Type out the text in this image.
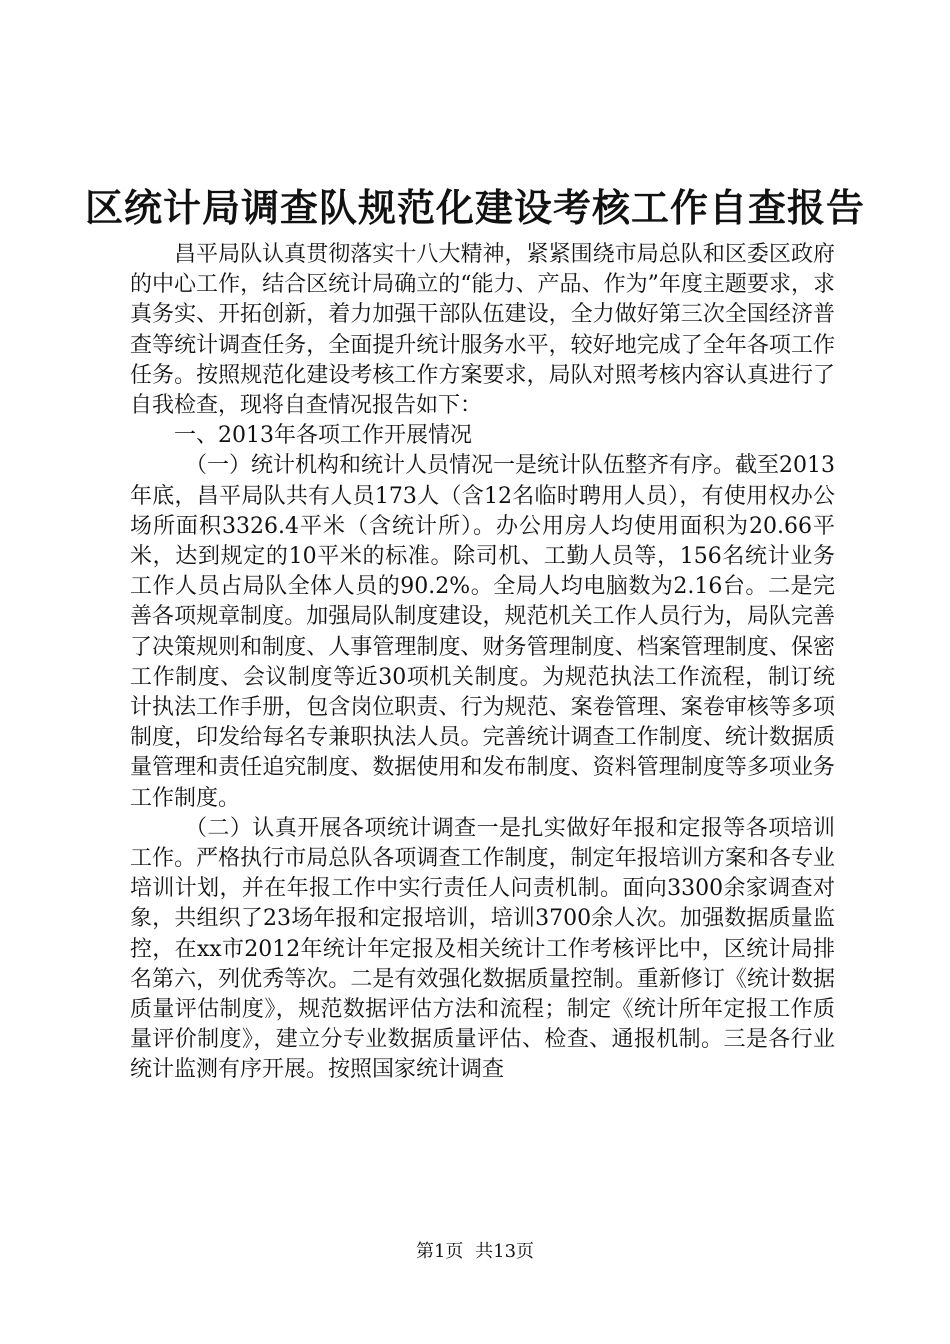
区统计局调查队规范化建设考核工作自查报告

昌平局队认真贯彻落实十八大精神，紧紧围绕市局总队和区委区政府的中心工作，结合区统计局确立的“能力、产品、作为”年度主题要求，求真务实、开拓创新，着力加强干部队伍建设，全力做好第三次全国经济普查等统计调查任务，全面提升统计服务水平，较好地完成了全年各项工作任务。按照规范化建设考核工作方案要求，局队对照考核内容认真进行了自我检查，现将自查情况报告如下：

一、2013年各项工作开展情况

（一）统计机构和统计人员情况一是统计队伍整齐有序。截至2013年底，昌平局队共有人员173人（含12名临时聘用人员），有使用权办公场所面积3326.4平米（含统计所）。办公用房人均使用面积为20.66平米，达到规定的10平米的标准。除司机、工勤人员等，156名统计业务工作人员占局队全体人员的90.2%。全局人均电脑数为2.16台。二是完善各项规章制度。加强局队制度建设，规范机关工作人员行为，局队完善了决策规则和制度、人事管理制度、财务管理制度、档案管理制度、保密工作制度、会议制度等近30项机关制度。为规范执法工作流程，制订统计执法工作手册，包含岗位职责、行为规范、案卷管理、案卷审核等多项制度，印发给每名专兼职执法人员。完善统计调查工作制度、统计数据质量管理和责任追究制度、数据使用和发布制度、资料管理制度等多项业务工作制度。

（二）认真开展各项统计调查一是扎实做好年报和定报等各项培训工作。严格执行市局总队各项调查工作制度，制定年报培训方案和各专业培训计划，并在年报工作中实行责任人问责机制。面向3300余家调查对象，共组织了23场年报和定报培训，培训3700余人次。加强数据质量监控，在xx市2012年统计年定报及相关统计工作考核评比中，区统计局排名第六，列优秀等次。二是有效强化数据质量控制。重新修订《统计数据质量评估制度》，规范数据评估方法和流程；制定《统计所年定报工作质量评价制度》，建立分专业数据质量评估、检查、通报机制。三是各行业统计监测有序开展。按照国家统计调查

第1页 共13页
